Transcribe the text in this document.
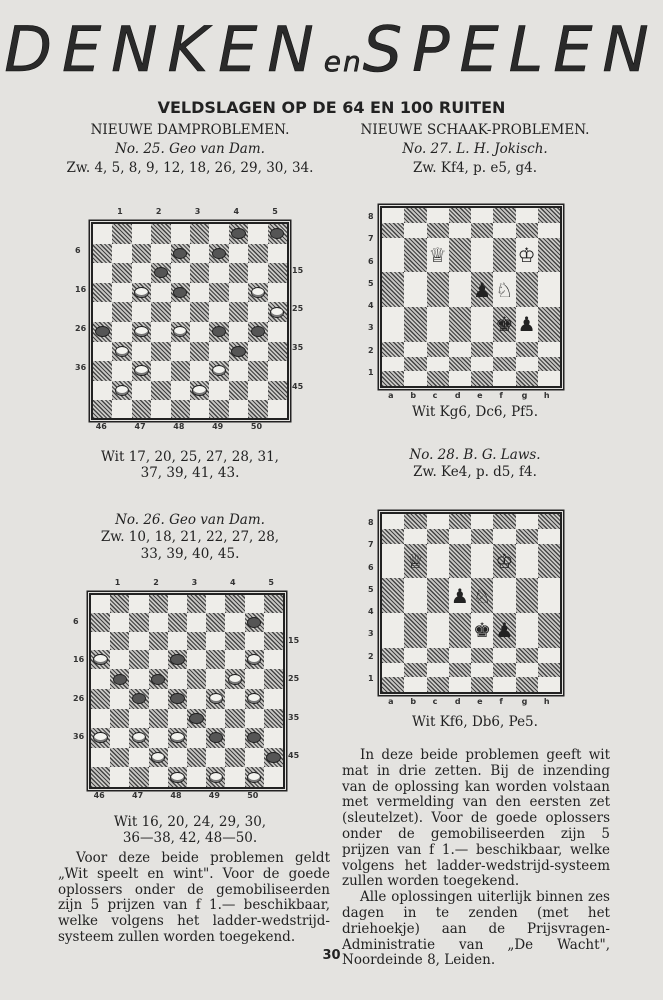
DENKENenSPELEN
VELDSLAGEN OP DE 64 EN 100 RUITEN
NIEUWE DAMPROBLEMEN.
No. 25. Geo van Dam.
Zw. 4, 5, 8, 9, 12, 18, 26, 29, 30, 34.
NIEUWE SCHAAK-PROBLEMEN.
No. 27. L. H. Jokisch.
Zw. Kf4, p. e5, g4.
1	2	3	4	5
46	47	48	49	50
6
16
26
36
15
25
35
45
♕	♔
♟ ♘
♚ ♟
a b c d e f g h
8
7
6
5
4
3
2
1
Wit Kg6, Dc6, Pf5.
Wit 17, 20, 25, 27, 28, 31,
37, 39, 41, 43.
No. 28. B. G. Laws.
Zw. Ke4, p. d5, f4.
No. 26. Geo van Dam.
Zw. 10, 18, 21, 22, 27, 28,
33, 39, 40, 45.	♕	♔
♟ ♘
♚ ♟
a b c d e f g h
8
7
6
5
4
3
2
1
1	2	3	4	5
46	47	48	49	50
6
16
26
36
15
25
35
45
Wit Kf6, Db6, Pe5.
Wit 16, 20, 24, 29, 30,
36—38, 42, 48—50.

Voor deze beide problemen geldt „Wit speelt en wint". Voor de goede oplossers onder de gemobiliseerden zijn 5 prijzen van f 1.— beschikbaar, welke volgens het ladder-wedstrijd-systeem zullen worden toegekend.

In deze beide problemen geeft wit mat in drie zetten. Bij de inzending van de oplossing kan worden volstaan met vermelding van den eersten zet (sleutelzet). Voor de goede oplossers onder de gemobiliseerden zijn 5 prijzen van f 1.— beschikbaar, welke volgens het ladder-wedstrijd-systeem zullen worden toegekend.

Alle oplossingen uiterlijk binnen zes dagen in te zenden (met het driehoekje) aan de Prijsvragen-Administratie van „De Wacht", Noordeinde 8, Leiden.

30
